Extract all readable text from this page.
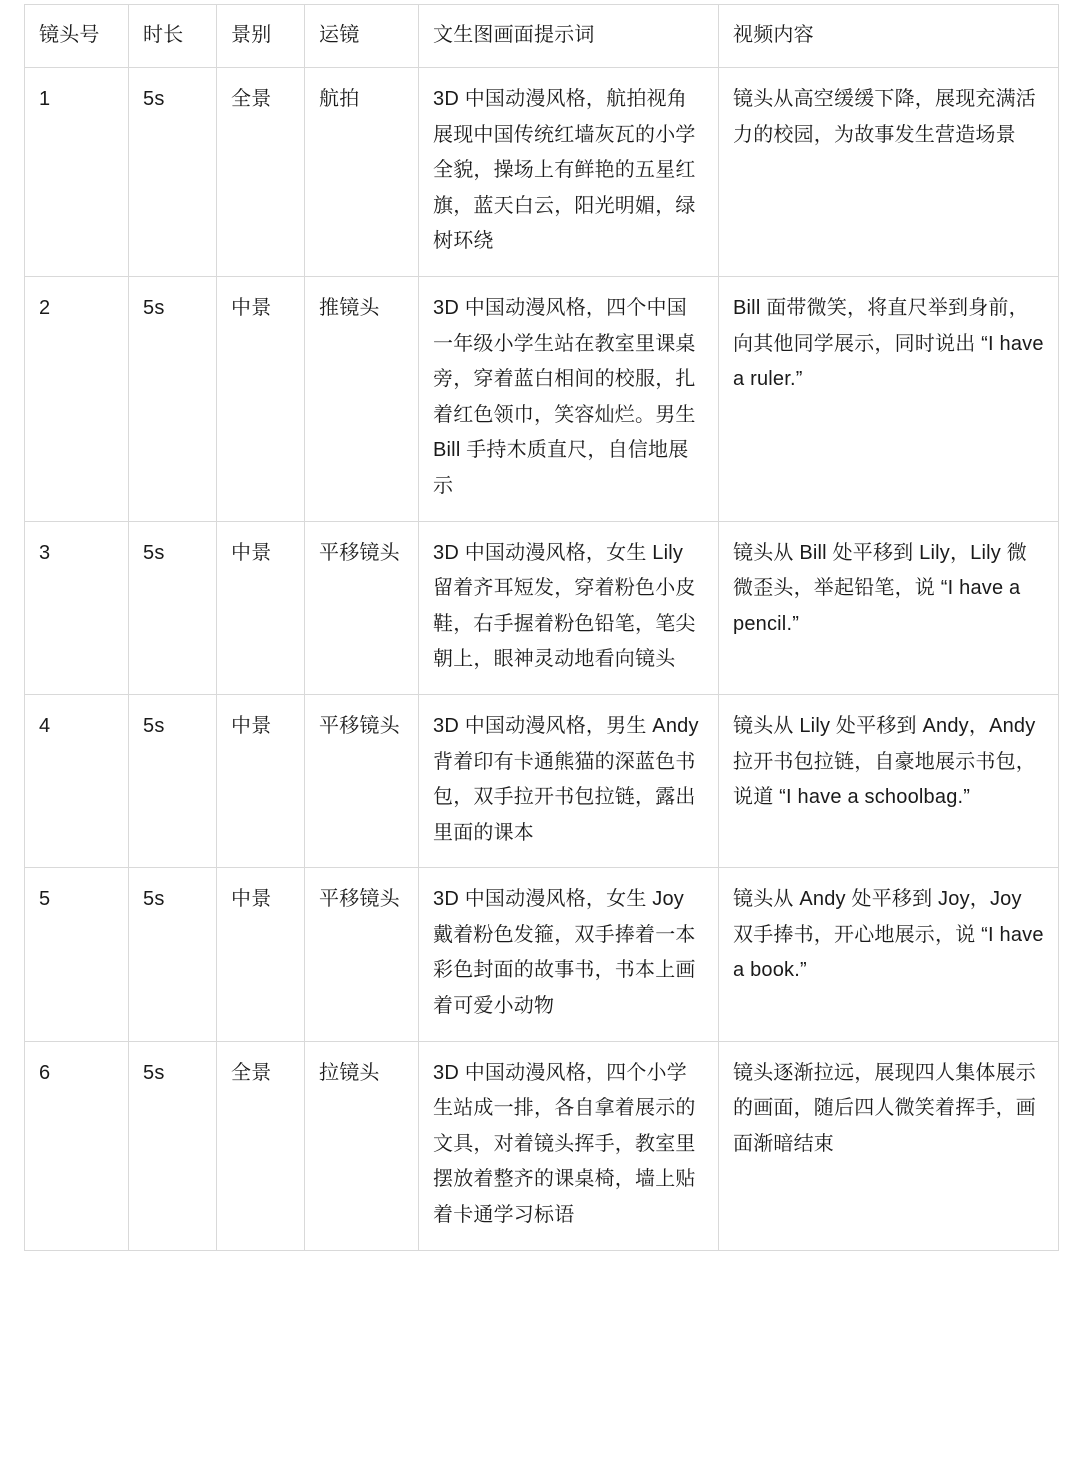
镜头号	时长	景别	运镜	文生图画面提示词	视频内容
1	5s	全景	航拍	3D 中国动漫风格，航拍视角展现中国传统红墙灰瓦的小学全貌，操场上有鲜艳的五星红旗，蓝天白云，阳光明媚，绿树环绕	镜头从高空缓缓下降，展现充满活力的校园，为故事发生营造场景
2	5s	中景	推镜头	3D 中国动漫风格，四个中国一年级小学生站在教室里课桌旁，穿着蓝白相间的校服，扎着红色领巾，笑容灿烂。男生 Bill 手持木质直尺，自信地展示	Bill 面带微笑，将直尺举到身前，向其他同学展示，同时说出 “I have a ruler.”
3	5s	中景	平移镜头	3D 中国动漫风格，女生 Lily 留着齐耳短发，穿着粉色小皮鞋，右手握着粉色铅笔，笔尖朝上，眼神灵动地看向镜头	镜头从 Bill 处平移到 Lily，Lily 微微歪头，举起铅笔，说 “I have a pencil.”
4	5s	中景	平移镜头	3D 中国动漫风格，男生 Andy 背着印有卡通熊猫的深蓝色书包，双手拉开书包拉链，露出里面的课本	镜头从 Lily 处平移到 Andy，Andy 拉开书包拉链，自豪地展示书包，说道 “I have a schoolbag.”
5	5s	中景	平移镜头	3D 中国动漫风格，女生 Joy 戴着粉色发箍，双手捧着一本彩色封面的故事书，书本上画着可爱小动物	镜头从 Andy 处平移到 Joy，Joy 双手捧书，开心地展示，说 “I have a book.”
6	5s	全景	拉镜头	3D 中国动漫风格，四个小学生站成一排，各自拿着展示的文具，对着镜头挥手，教室里摆放着整齐的课桌椅，墙上贴着卡通学习标语	镜头逐渐拉远，展现四人集体展示的画面，随后四人微笑着挥手，画面渐暗结束
